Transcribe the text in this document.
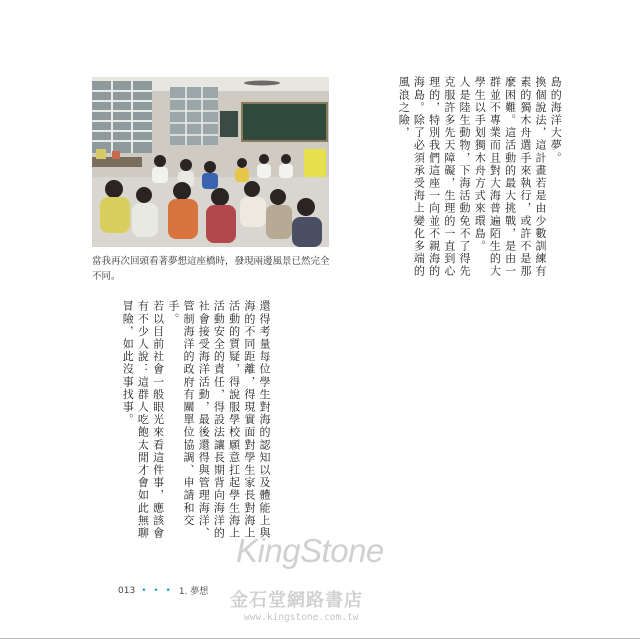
當我再次回頭看著夢想這座橋時，發現兩邊風景已然完全不同。

島的海洋大夢。

換個說法，這計畫若是由少數訓練有素的獨木舟選手來執行，或許不是那麼困難。這活動的最大挑戰，是由一群並不專業而且對大海普遍陌生的大學生以手划獨木舟方式來環島。

人是陸生動物，下海活動免不了得先克服許多先天障礙，生理的一直到心理的，特別我們這座一向並不親海的海島。除了必須承受海上變化多端的風浪之險，

還得考量每位學生對海的認知以及體能上與海的不同距離，得現實面對學生家長對海上活動的質疑，得說服學校願意扛起學生海上活動安全的責任，得設法讓長期背向海洋的社會接受海洋活動，最後還得與管理海洋、管制海洋的政府有關單位協調、申請和交手。

若以目前社會一般眼光來看這件事，應該會有不少人說：這群人吃飽太閒才會如此無聊冒險，如此沒事找事。

KingStone
金石堂網路書店
www.kingstone.com.tw
013 • • • 1. 夢想
